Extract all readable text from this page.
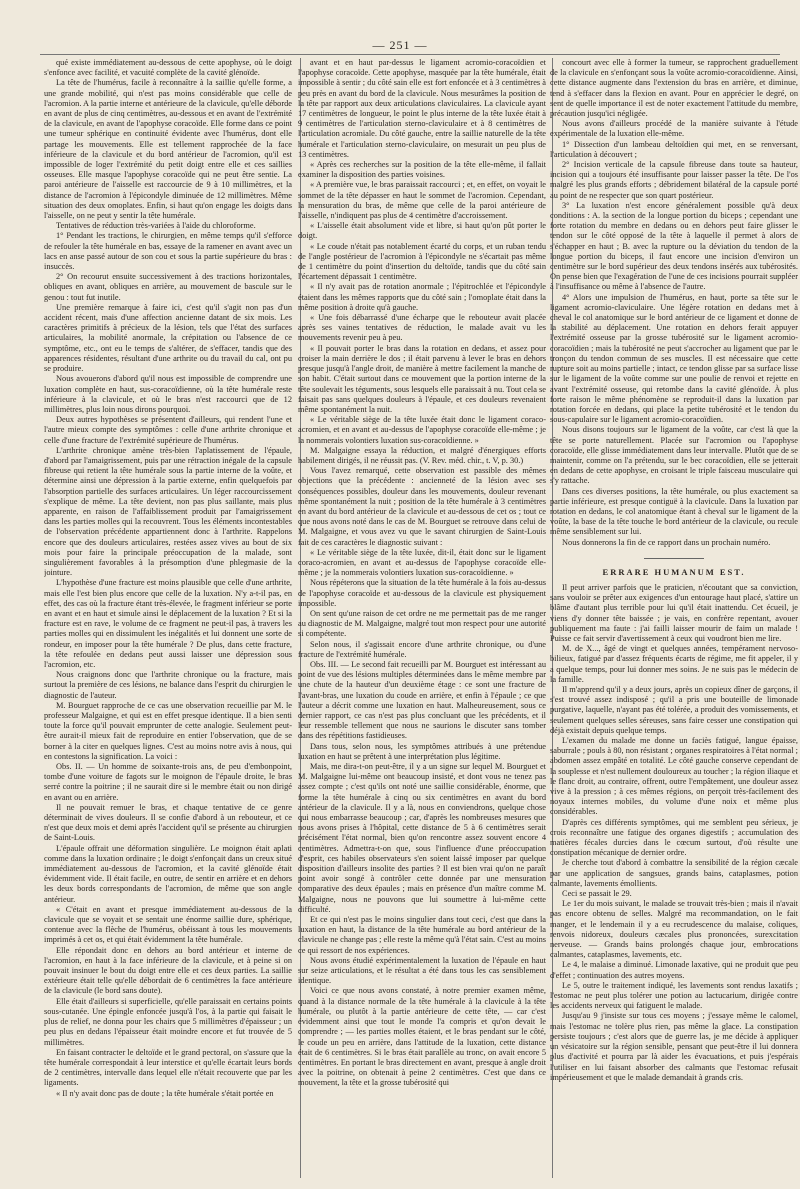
— 251 —

qué existe immédiatement au-dessous de cette apophyse, où le doigt s'enfonce avec facilité, et vacuité complète de la cavité glénoïde.

La tête de l'humérus, facile à reconnaître à la saillie qu'elle forme, a une grande mobilité, qui n'est pas moins considérable que celle de l'acromion. A la partie interne et antérieure de la clavicule, qu'elle déborde en avant de plus de cinq centimètres, au-dessous et en avant de l'extrémité de la clavicule, en avant de l'apophyse coracoïde. Elle forme dans ce point une tumeur sphérique en continuité évidente avec l'humérus, dont elle partage les mouvements. Elle est tellement rapprochée de la face inférieure de la clavicule et du bord antérieur de l'acromion, qu'il est impossible de loger l'extrémité du petit doigt entre elle et ces saillies osseuses. Elle masque l'apophyse coracoïde qui ne peut être sentie. La paroi antérieure de l'aisselle est raccourcie de 9 à 10 millimètres, et la distance de l'acromion à l'épicondyle diminuée de 12 millimètres. Même situation des deux omoplates. Enfin, si haut qu'on engage les doigts dans l'aisselle, on ne peut y sentir la tête humérale.

Tentatives de réduction très-variées à l'aide du chloroforme.

1° Pendant les tractions, le chirurgien, en même temps qu'il s'efforce de refouler la tête humérale en bas, essaye de la ramener en avant avec un lacs en anse passé autour de son cou et sous la partie supérieure du bras : insuccès.

2° On recourut ensuite successivement à des tractions horizontales, obliques en avant, obliques en arrière, au mouvement de bascule sur le genou : tout fut inutile.

Une première remarque à faire ici, c'est qu'il s'agit non pas d'un accident récent, mais d'une affection ancienne datant de six mois. Les caractères primitifs à précieux de la lésion, tels que l'état des surfaces articulaires, la mobilité anormale, la crépitation ou l'absence de ce symptôme, etc., ont eu le temps de s'altérer, de s'effacer, tandis que des apparences résidentes, résultant d'une arthrite ou du travail du cal, ont pu se produire.

Nous avouerons d'abord qu'il nous est impossible de comprendre une luxation complète en haut, sus-coracoïdienne, où la tête humérale reste inférieure à la clavicule, et où le bras n'est raccourci que de 12 millimètres, plus loin nous dirons pourquoi.

Deux autres hypothèses se présentent d'ailleurs, qui rendent l'une et l'autre mieux compte des symptômes : celle d'une arthrite chronique et celle d'une fracture de l'extrémité supérieure de l'humérus.

L'arthrite chronique amène très-bien l'aplatissement de l'épaule, d'abord par l'amaigrissement, puis par une rétraction inégale de la capsule fibreuse qui retient la tête humérale sous la partie interne de la voûte, et détermine ainsi une dépression à la partie externe, enfin quelquefois par l'absorption partielle des surfaces articulaires. Un léger raccourcissement s'explique de même. La tête devient, non pas plus saillante, mais plus apparente, en raison de l'affaiblissement produit par l'amaigrissement dans les parties molles qui la recouvrent. Tous les éléments incontestables de l'observation précédente appartiennent donc à l'arthrite. Rappelons encore que des douleurs articulaires, restées assez vives au bout de six mois pour faire la principale préoccupation de la malade, sont singulièrement favorables à la présomption d'une phlegmasie de la jointure.

L'hypothèse d'une fracture est moins plausible que celle d'une arthrite, mais elle l'est bien plus encore que celle de la luxation. N'y a-t-il pas, en effet, des cas où la fracture étant très-élevée, le fragment inférieur se porte en avant et en haut et simule ainsi le déplacement de la luxation ? Et si la fracture est en rave, le volume de ce fragment ne peut-il pas, à travers les parties molles qui en dissimulent les inégalités et lui donnent une sorte de rondeur, en imposer pour la tête humérale ? De plus, dans cette fracture, la tête refoulée en dedans peut aussi laisser une dépression sous l'acromion, etc.

Nous craignons donc que l'arthrite chronique ou la fracture, mais surtout la première de ces lésions, ne balance dans l'esprit du chirurgien le diagnostic de l'auteur.

M. Bourguet rapproche de ce cas une observation recueillie par M. le professeur Malgaigne, et qui est en effet presque identique. Il a bien senti toute la force qu'il pouvait emprunter de cette analogie. Seulement peut-être aurait-il mieux fait de reproduire en entier l'observation, que de se borner à la citer en quelques lignes. C'est au moins notre avis à nous, qui en contestons la signification. La voici :

Obs. II. — Un homme de soixante-trois ans, de peu d'embonpoint, tombe d'une voiture de fagots sur le moignon de l'épaule droite, le bras serré contre la poitrine ; il ne saurait dire si le membre était ou non dirigé en avant ou en arrière.

Il ne pouvait remuer le bras, et chaque tentative de ce genre déterminait de vives douleurs. Il se confie d'abord à un rebouteur, et ce n'est que deux mois et demi après l'accident qu'il se présente au chirurgien de Saint-Louis.

L'épaule offrait une déformation singulière. Le moignon était aplati comme dans la luxation ordinaire ; le doigt s'enfonçait dans un creux situé immédiatement au-dessous de l'acromion, et la cavité glénoïde était évidemment vide. Il était facile, en outre, de sentir en arrière et en dehors les deux bords correspondants de l'acromion, de même que son angle antérieur.

« C'était en avant et presque immédiatement au-dessous de la clavicule que se voyait et se sentait une énorme saillie dure, sphérique, contenue avec la flèche de l'humérus, obéissant à tous les mouvements imprimés à cet os, et qui était évidemment la tête humérale.

Elle répondait donc en dehors au bord antérieur et interne de l'acromion, en haut à la face inférieure de la clavicule, et à peine si on pouvait insinuer le bout du doigt entre elle et ces deux parties. La saillie extérieure était telle qu'elle débordait de 6 centimètres la face antérieure de la clavicule (le bord sans doute).

Elle était d'ailleurs si superficielle, qu'elle paraissait en certains points sous-cutanée. Une épingle enfoncée jusqu'à l'os, à la partie qui faisait le plus de relief, ne donna pour les chairs que 5 millimètres d'épaisseur ; un peu plus en dedans l'épaisseur était moindre encore et fut trouvée de 5 millimètres.

En faisant contracter le deltoïde et le grand pectoral, on s'assure que la tête humérale correspondait à leur interstice et qu'elle écartait leurs bords de 2 centimètres, intervalle dans lequel elle n'était recouverte que par les ligaments.

« Il n'y avait donc pas de doute ; la tête humérale s'était portée en

avant et en haut par-dessus le ligament acromio-coracoïdien et l'apophyse coracoïde. Cette apophyse, masquée par la tête humérale, était impossible à sentir ; du côté sain elle est fort enfoncée et à 3 centimètres à peu près en avant du bord de la clavicule. Nous mesurâmes la position de la tête par rapport aux deux articulations claviculaires. La clavicule ayant 17 centimètres de longueur, le point le plus interne de la tête luxée était à 9 centimètres de l'articulation sterno-claviculaire et à 8 centimètres de l'articulation acromiale. Du côté gauche, entre la saillie naturelle de la tête humérale et l'articulation sterno-claviculaire, on mesurait un peu plus de 13 centimètres.

« Après ces recherches sur la position de la tête elle-même, il fallait examiner la disposition des parties voisines.

« A première vue, le bras paraissait raccourci ; et, en effet, on voyait le sommet de la tête dépasser en haut le sommet de l'acromion. Cependant, la mensuration du bras, de même que celle de la paroi antérieure de l'aisselle, n'indiquent pas plus de 4 centimètre d'accroissement.

« L'aisselle était absolument vide et libre, si haut qu'on pût porter le doigt.

« Le coude n'était pas notablement écarté du corps, et un ruban tendu de l'angle postérieur de l'acromion à l'épicondyle ne s'écartait pas même de 1 centimètre du point d'insertion du deltoïde, tandis que du côté sain l'écartement dépassait 1 centimètre.

« Il n'y avait pas de rotation anormale ; l'épitrochlée et l'épicondyle étaient dans les mêmes rapports que du côté sain ; l'omoplate était dans la même position à droite qu'à gauche.

« Une fois débarrassé d'une écharpe que le rebouteur avait placée après ses vaines tentatives de réduction, le malade avait vu les mouvements revenir peu à peu.

« Il pouvait porter le bras dans la rotation en dedans, et assez pour croiser la main derrière le dos ; il était parvenu à lever le bras en dehors presque jusqu'à l'angle droit, de manière à mettre facilement la manche de son habit. C'était surtout dans ce mouvement que la portion interne de la tête soulevait les téguments, sous lesquels elle paraissait à nu. Tout cela se faisait pas sans quelques douleurs à l'épaule, et ces douleurs revenaient même spontanément la nuit.

« Le véritable siège de la tête luxée était donc le ligament coraco-acromien, et en avant et au-dessus de l'apophyse coracoïde elle-même ; je la nommerais volontiers luxation sus-coracoïdienne. »

M. Malgaigne essaya la réduction, et malgré d'énergiques efforts habilement dirigés, il ne réussit pas. (V. Rev. méd. chir., t. V, p. 30.)

Vous l'avez remarqué, cette observation est passible des mêmes objections que la précédente : ancienneté de la lésion avec ses conséquences possibles, douleur dans les mouvements, douleur revenant même spontanément la nuit ; position de la tête humérale à 3 centimètres en avant du bord antérieur de la clavicule et au-dessous de cet os ; tout ce que nous avons noté dans le cas de M. Bourguet se retrouve dans celui de M. Malgaigne, et vous avez vu que le savant chirurgien de Saint-Louis fait de ces caractères le diagnostic suivant :

« Le véritable siège de la tête luxée, dit-il, était donc sur le ligament coraco-acromien, en avant et au-dessus de l'apophyse coracoïde elle-même ; je la nommerais volontiers luxation sus-coracoïdienne. »

Nous répéterons que la situation de la tête humérale à la fois au-dessus de l'apophyse coracoïde et au-dessous de la clavicule est physiquement impossible.

On sent qu'une raison de cet ordre ne me permettait pas de me ranger au diagnostic de M. Malgaigne, malgré tout mon respect pour une autorité si compétente.

Selon nous, il s'agissait encore d'une arthrite chronique, ou d'une fracture de l'extrémité humérale.

Obs. III. — Le second fait recueilli par M. Bourguet est intéressant au point de vue des lésions multiples déterminées dans le même membre par une chute de la hauteur d'un deuxième étage : ce sont une fracture de l'avant-bras, une luxation du coude en arrière, et enfin à l'épaule ; ce que l'auteur a décrit comme une luxation en haut. Malheureusement, sous ce dernier rapport, ce cas n'est pas plus concluant que les précédents, et il leur ressemble tellement que nous ne saurions le discuter sans tomber dans des répétitions fastidieuses.

Dans tous, selon nous, les symptômes attribués à une prétendue luxation en haut se prêtent à une interprétation plus légitime.

Mais, me dira-t-on peut-être, il y a un signe sur lequel M. Bourguet et M. Malgaigne lui-même ont beaucoup insisté, et dont vous ne tenez pas assez compte ; c'est qu'ils ont noté une saillie considérable, énorme, que forme la tête humérale à cinq ou six centimètres en avant du bord antérieur de la clavicule. Il y a là, nous en conviendrons, quelque chose qui nous embarrasse beaucoup ; car, d'après les nombreuses mesures que nous avons prises à l'hôpital, cette distance de 5 à 6 centimètres serait précisément l'état normal, bien qu'on rencontre assez souvent encore 4 centimètres. Admettra-t-on que, sous l'influence d'une préoccupation d'esprit, ces habiles observateurs s'en soient laissé imposer par quelque disposition d'ailleurs insolite des parties ? Il est bien vrai qu'on ne paraît point avoir songé à contrôler cette donnée par une mensuration comparative des deux épaules ; mais en présence d'un maître comme M. Malgaigne, nous ne pouvons que lui soumettre à lui-même cette difficulté.

Et ce qui n'est pas le moins singulier dans tout ceci, c'est que dans la luxation en haut, la distance de la tête humérale au bord antérieur de la clavicule ne change pas ; elle reste la même qu'à l'état sain. C'est au moins ce qui ressort de nos expériences.

Nous avons étudié expérimentalement la luxation de l'épaule en haut sur seize articulations, et le résultat a été dans tous les cas sensiblement identique.

Voici ce que nous avons constaté, à notre premier examen même, quand à la distance normale de la tête humérale à la clavicule à la tête humérale, ou plutôt à la partie antérieure de cette tête, — car c'est évidemment ainsi que tout le monde l'a compris et qu'on devait le comprendre ; — les parties molles étaient, et le bras pendant sur le côté, le coude un peu en arrière, dans l'attitude de la luxation, cette distance était de 6 centimètres. Si le bras était parallèle au tronc, on avait encore 5 centimètres. En portant le bras directement en avant, presque à angle droit avec la poitrine, on obtenait à peine 2 centimètres. C'est que dans ce mouvement, la tête et la grosse tubérosité qui

concourt avec elle à former la tumeur, se rapprochent graduellement de la clavicule en s'enfonçant sous la voûte acromio-coracoïdienne. Ainsi, cette distance augmente dans l'extension du bras en arrière, et diminue, tend à s'effacer dans la flexion en avant. Pour en apprécier le degré, on sent de quelle importance il est de noter exactement l'attitude du membre, précaution jusqu'ici négligée.

Nous avons d'ailleurs procédé de la manière suivante à l'étude expérimentale de la luxation elle-même.

1° Dissection d'un lambeau deltoïdien qui met, en se renversant, l'articulation à découvert ;

2° Incision verticale de la capsule fibreuse dans toute sa hauteur, incision qui a toujours été insuffisante pour laisser passer la tête. De l'os malgré les plus grands efforts ; débridement bilatéral de la capsule porté au point de ne respecter que son quart postérieur.

3° La luxation n'est encore généralement possible qu'à deux conditions : A. la section de la longue portion du biceps ; cependant une forte rotation du membre en dedans ou en dehors peut faire glisser le tendon sur le côté opposé de la tête à laquelle il permet à alors de s'échapper en haut ; B. avec la rupture ou la déviation du tendon de la longue portion du biceps, il faut encore une incision d'environ un centimètre sur le bord supérieur des deux tendons insérés aux tubérosités. On pense bien que l'exagération de l'une de ces incisions pourrait suppléer à l'insuffisance ou même à l'absence de l'autre.

4° Alors une impulsion de l'humérus, en haut, porte sa tête sur le ligament acromio-claviculaire. Une légère rotation en dedans met à cheval le col anatomique sur le bord antérieur de ce ligament et donne de la stabilité au déplacement. Une rotation en dehors ferait appuyer l'extrémité osseuse par la grosse tubérosité sur le ligament acromio-coracoïdien ; mais la tubérosité ne peut s'accrocher au ligament que par le tronçon du tendon commun de ses muscles. Il est nécessaire que cette rupture soit au moins partielle ; intact, ce tendon glisse par sa surface lisse sur le ligament de la voûte comme sur une poulie de renvoi et rejette en avant l'extrémité osseuse, qui retombe dans la cavité glénoïde. À plus forte raison le même phénomène se reproduit-il dans la luxation par rotation forcée en dedans, qui place la petite tubérosité et le tendon du sous-capulaire sur le ligament acromio-coracoïdien.

Nous disons toujours sur le ligament de la voûte, car c'est là que la tête se porte naturellement. Placée sur l'acromion ou l'apophyse coracoïde, elle glisse immédiatement dans leur intervalle. Plutôt que de se maintenir, comme on l'a prétendu, sur le bec coracoïdien, elle se jetterait en dedans de cette apophyse, en croisant le triple faisceau musculaire qui s'y rattache.

Dans ces diverses positions, la tête humérale, ou plus exactement sa partie inférieure, est presque contiguë à la clavicule. Dans la luxation par rotation en dedans, le col anatomique étant à cheval sur le ligament de la voûte, la base de la tête touche le bord antérieur de la clavicule, ou recule même sensiblement sur lui.

Nous donnerons la fin de ce rapport dans un prochain numéro.

ERRARE HUMANUM EST.

Il peut arriver parfois que le praticien, n'écoutant que sa conviction, sans vouloir se prêter aux exigences d'un entourage haut placé, s'attire un blâme d'autant plus terrible pour lui qu'il était inattendu. Cet écueil, je viens d'y donner tête baissée ; je vais, en confrère repentant, avouer publiquement ma faute : j'ai failli laisser mourir de faim un malade ! Puisse ce fait servir d'avertissement à ceux qui voudront bien me lire.

M. de X..., âgé de vingt et quelques années, tempérament nervoso-bilieux, fatigué par d'assez fréquents écarts de régime, me fit appeler, il y a quelque temps, pour lui donner mes soins. Je ne suis pas le médecin de la famille.

Il m'apprend qu'il y a deux jours, après un copieux dîner de garçons, il s'est trouvé assez indisposé ; qu'il a pris une bouteille de limonade purgative, laquelle, n'ayant pas été tolérée, a produit des vomissements, et seulement quelques selles séreuses, sans faire cesser une constipation qui déjà existait depuis quelque temps.

L'examen du malade me donne un faciès fatigué, langue épaisse, saburrale ; pouls à 80, non résistant ; organes respiratoires à l'état normal ; abdomen assez empâté en totalité. Le côté gauche conserve cependant de la souplesse et n'est nullement douloureux au toucher ; la région iliaque et le flanc droit, au contraire, offrent, outre l'empâtement, une douleur assez vive à la pression ; à ces mêmes régions, on perçoit très-facilement des noyaux internes mobiles, du volume d'une noix et même plus considérables.

D'après ces différents symptômes, qui me semblent peu sérieux, je crois reconnaître une fatigue des organes digestifs ; accumulation des matières fécales durcies dans le cœcum surtout, d'où résulte une constipation mécanique de dernier ordre.

Je cherche tout d'abord à combattre la sensibilité de la région cæcale par une application de sangsues, grands bains, cataplasmes, potion calmante, lavements émollients.

Ceci se passait le 29.

Le 1er du mois suivant, le malade se trouvait très-bien ; mais il n'avait pas encore obtenu de selles. Malgré ma recommandation, on le fait manger, et le lendemain il y a eu recrudescence du malaise, coliques, renvois nidoreux, douleurs cæcales plus prononcées, surexcitation nerveuse. — Grands bains prolongés chaque jour, embrocations calmantes, cataplasmes, lavements, etc.

Le 4, le malaise a diminué. Limonade laxative, qui ne produit que peu d'effet ; continuation des autres moyens.

Le 5, outre le traitement indiqué, les lavements sont rendus laxatifs ; l'estomac ne peut plus tolérer une potion au lactucarium, dirigée contre les accidents nerveux qui fatiguent le malade.

Jusqu'au 9 j'insiste sur tous ces moyens ; j'essaye même le calomel, mais l'estomac ne tolère plus rien, pas même la glace. La constipation persiste toujours ; c'est alors que de guerre las, je me décide à appliquer un vésicatoire sur la région sensible, pensant que peut-être il lui donnera plus d'activité et pourra par là aider les évacuations, et puis j'espérais l'utiliser en lui faisant absorber des calmants que l'estomac refusait impérieusement et que le malade demandait à grands cris.
